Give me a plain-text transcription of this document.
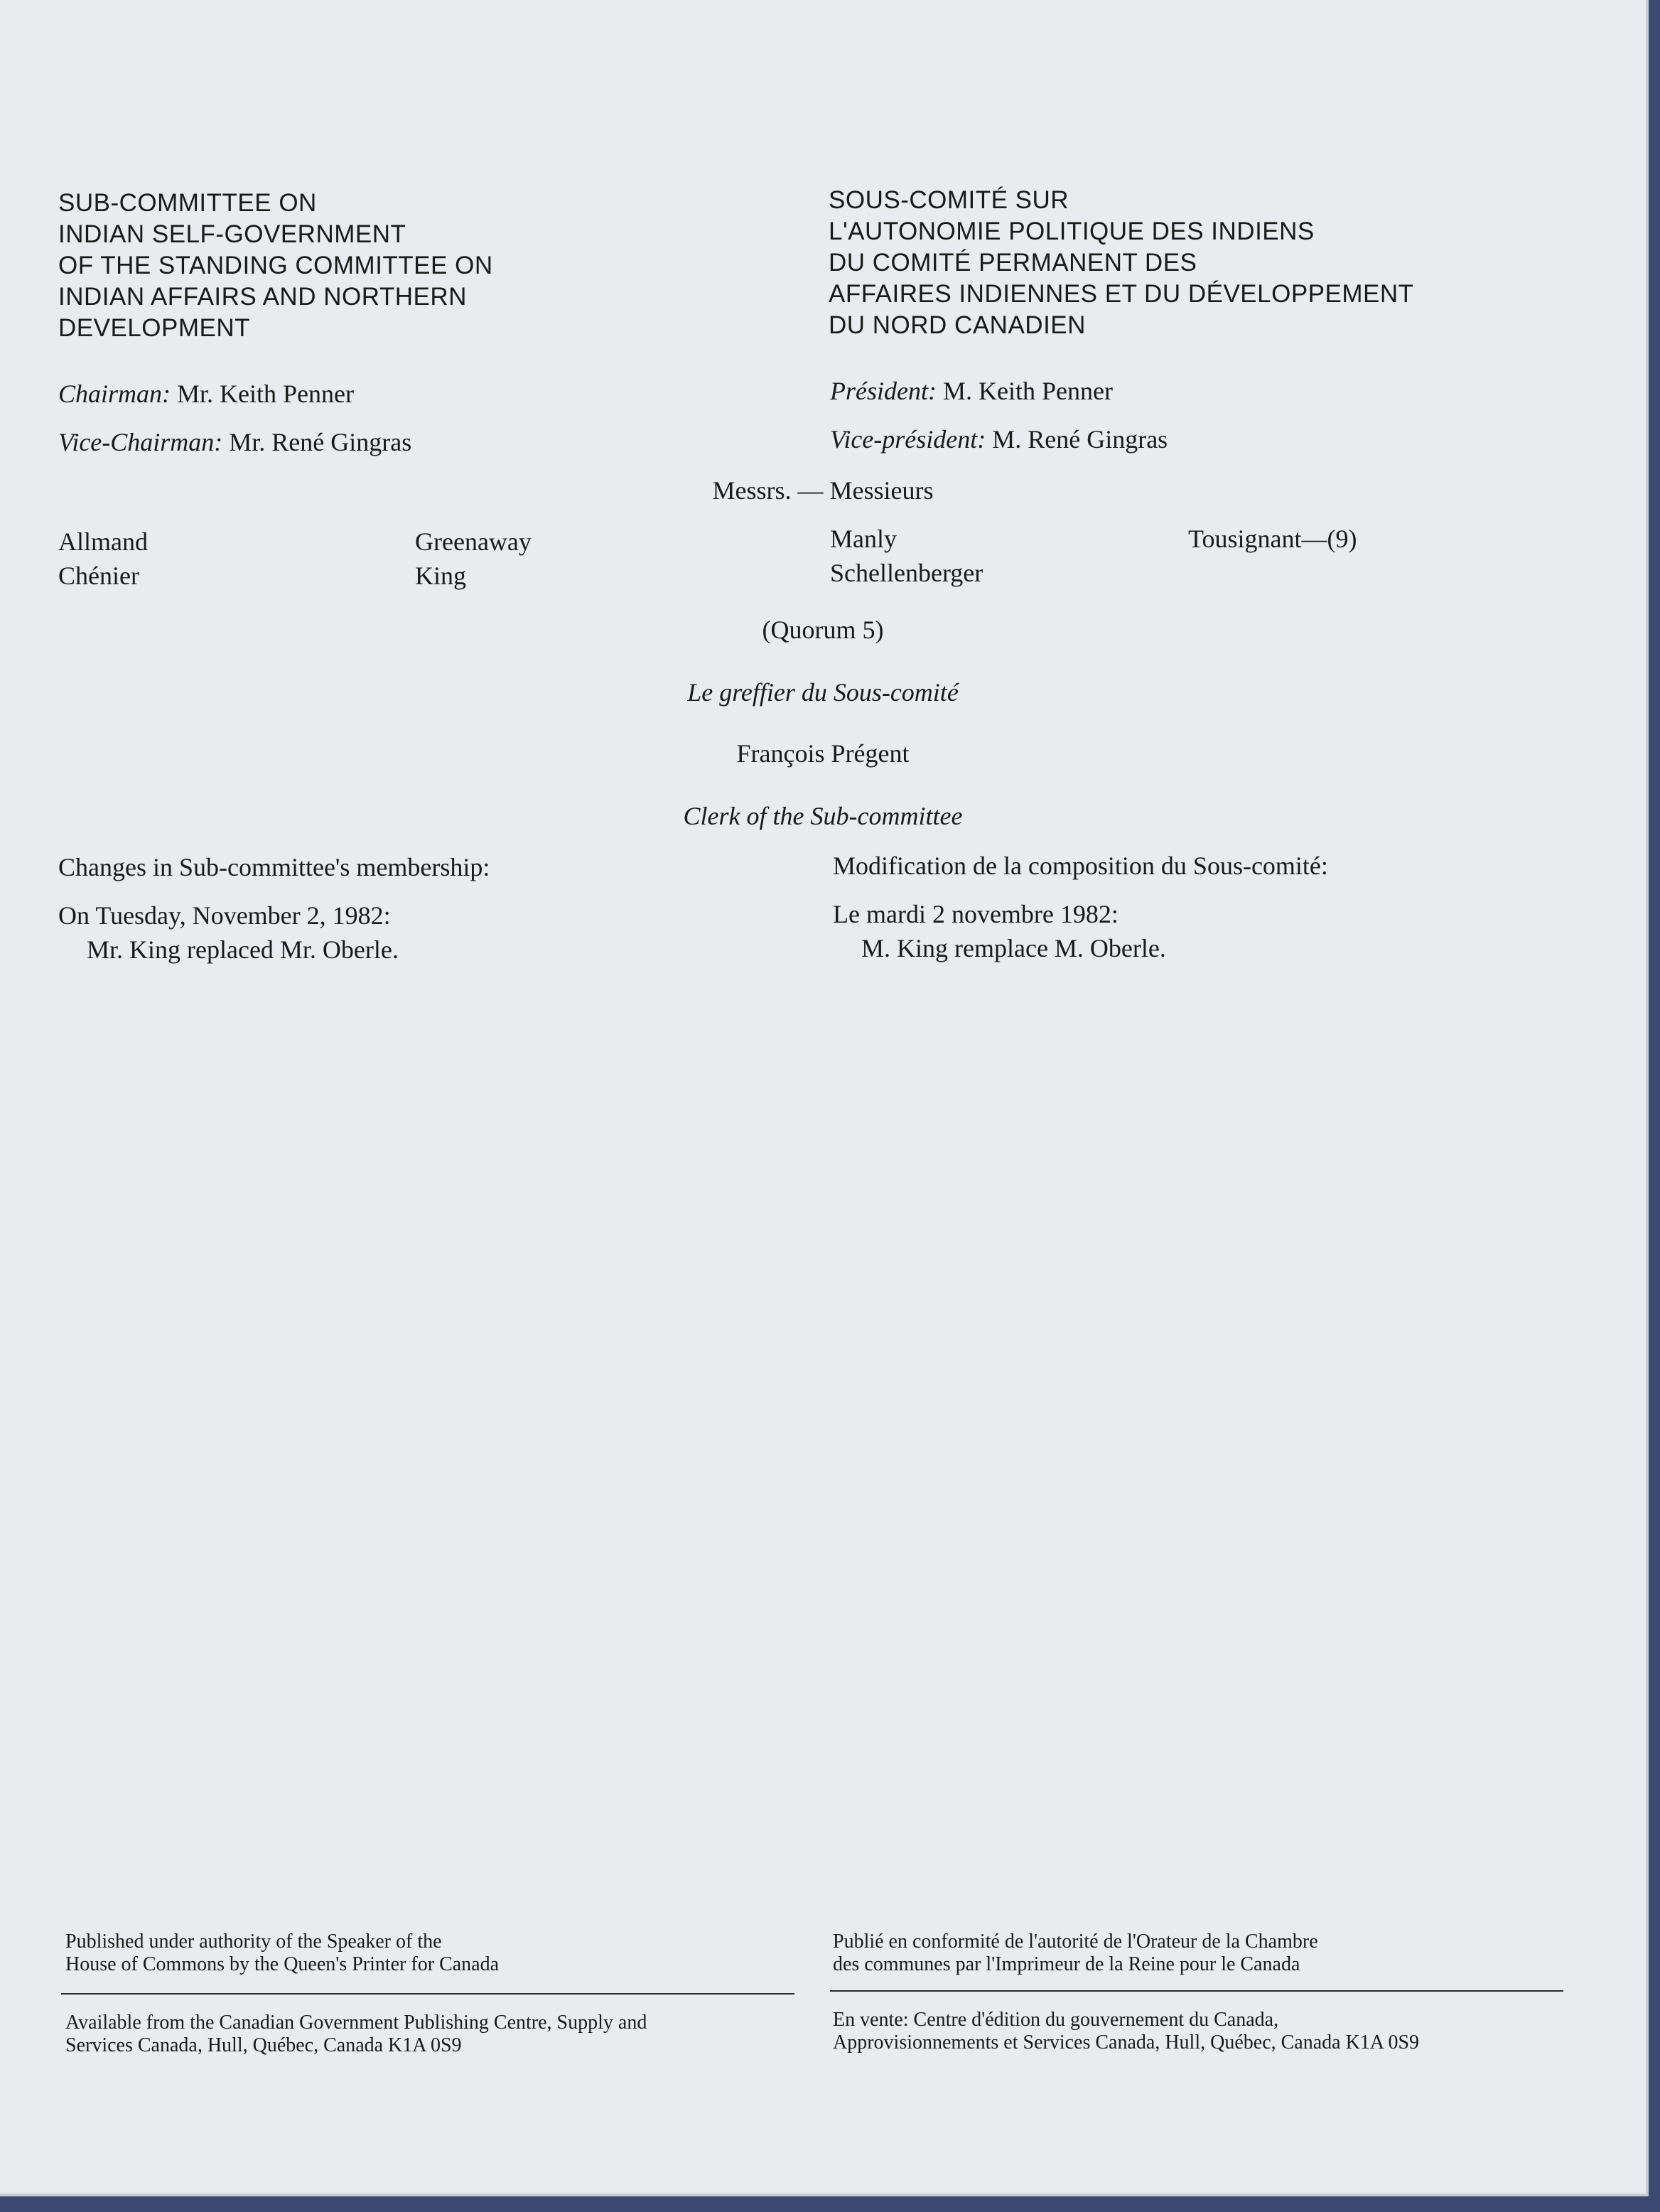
SUB-COMMITTEE ON
INDIAN SELF-GOVERNMENT
OF THE STANDING COMMITTEE ON
INDIAN AFFAIRS AND NORTHERN
DEVELOPMENT
SOUS-COMITÉ SUR
L'AUTONOMIE POLITIQUE DES INDIENS
DU COMITÉ PERMANENT DES
AFFAIRES INDIENNES ET DU DÉVELOPPEMENT
DU NORD CANADIEN
Chairman: Mr. Keith Penner
Vice-Chairman: Mr. René Gingras
Président: M. Keith Penner
Vice-président: M. René Gingras
Messrs. — Messieurs
Allmand
Chénier
Greenaway
King
Manly
Schellenberger
Tousignant—(9)
(Quorum 5)
Le greffier du Sous-comité
François Prégent
Clerk of the Sub-committee
Changes in Sub-committee's membership:
On Tuesday, November 2, 1982:
Mr. King replaced Mr. Oberle.
Modification de la composition du Sous-comité:
Le mardi 2 novembre 1982:
M. King remplace M. Oberle.
Published under authority of the Speaker of the
House of Commons by the Queen's Printer for Canada
Available from the Canadian Government Publishing Centre, Supply and
Services Canada, Hull, Québec, Canada K1A 0S9
Publié en conformité de l'autorité de l'Orateur de la Chambre
des communes par l'Imprimeur de la Reine pour le Canada
En vente: Centre d'édition du gouvernement du Canada,
Approvisionnements et Services Canada, Hull, Québec, Canada K1A 0S9
